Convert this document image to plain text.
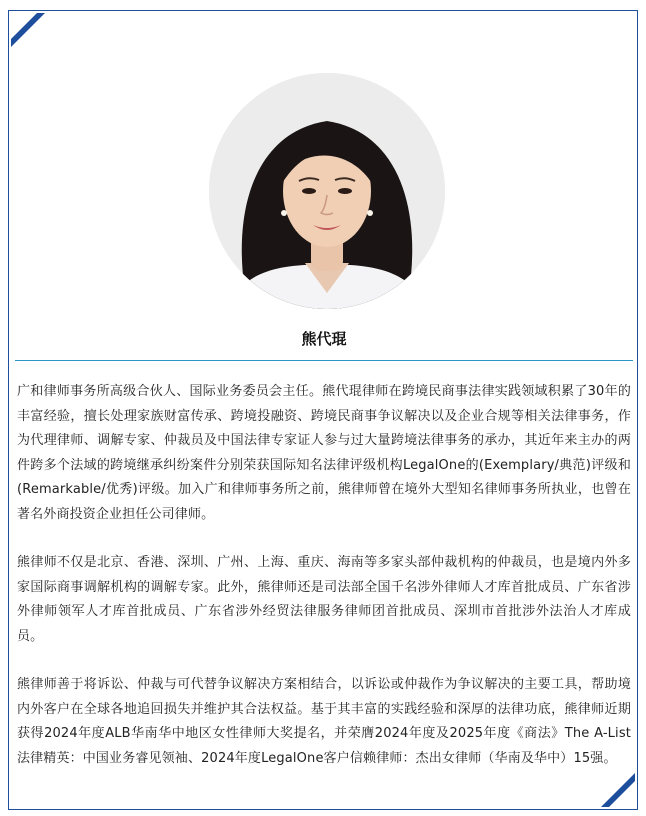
熊代琨

广和律师事务所高级合伙人、国际业务委员会主任。熊代琨律师在跨境民商事法律实践领域积累了30年的丰富经验，擅长处理家族财富传承、跨境投融资、跨境民商事争议解决以及企业合规等相关法律事务，作为代理律师、调解专家、仲裁员及中国法律专家证人参与过大量跨境法律事务的承办，其近年来主办的两件跨多个法域的跨境继承纠纷案件分别荣获国际知名法律评级机构LegalOne的(Exemplary/典范)评级和(Remarkable/优秀)评级。加入广和律师事务所之前，熊律师曾在境外大型知名律师事务所执业，也曾在著名外商投资企业担任公司律师。

熊律师不仅是北京、香港、深圳、广州、上海、重庆、海南等多家头部仲裁机构的仲裁员，也是境内外多家国际商事调解机构的调解专家。此外，熊律师还是司法部全国千名涉外律师人才库首批成员、广东省涉外律师领军人才库首批成员、广东省涉外经贸法律服务律师团首批成员、深圳市首批涉外法治人才库成员。

熊律师善于将诉讼、仲裁与可代替争议解决方案相结合，以诉讼或仲裁作为争议解决的主要工具，帮助境内外客户在全球各地追回损失并维护其合法权益。基于其丰富的实践经验和深厚的法律功底，熊律师近期获得2024年度ALB华南华中地区女性律师大奖提名，并荣膺2024年度及2025年度《商法》The A-List 法律精英：中国业务睿见领袖、2024年度LegalOne客户信赖律师：杰出女律师（华南及华中）15强。
